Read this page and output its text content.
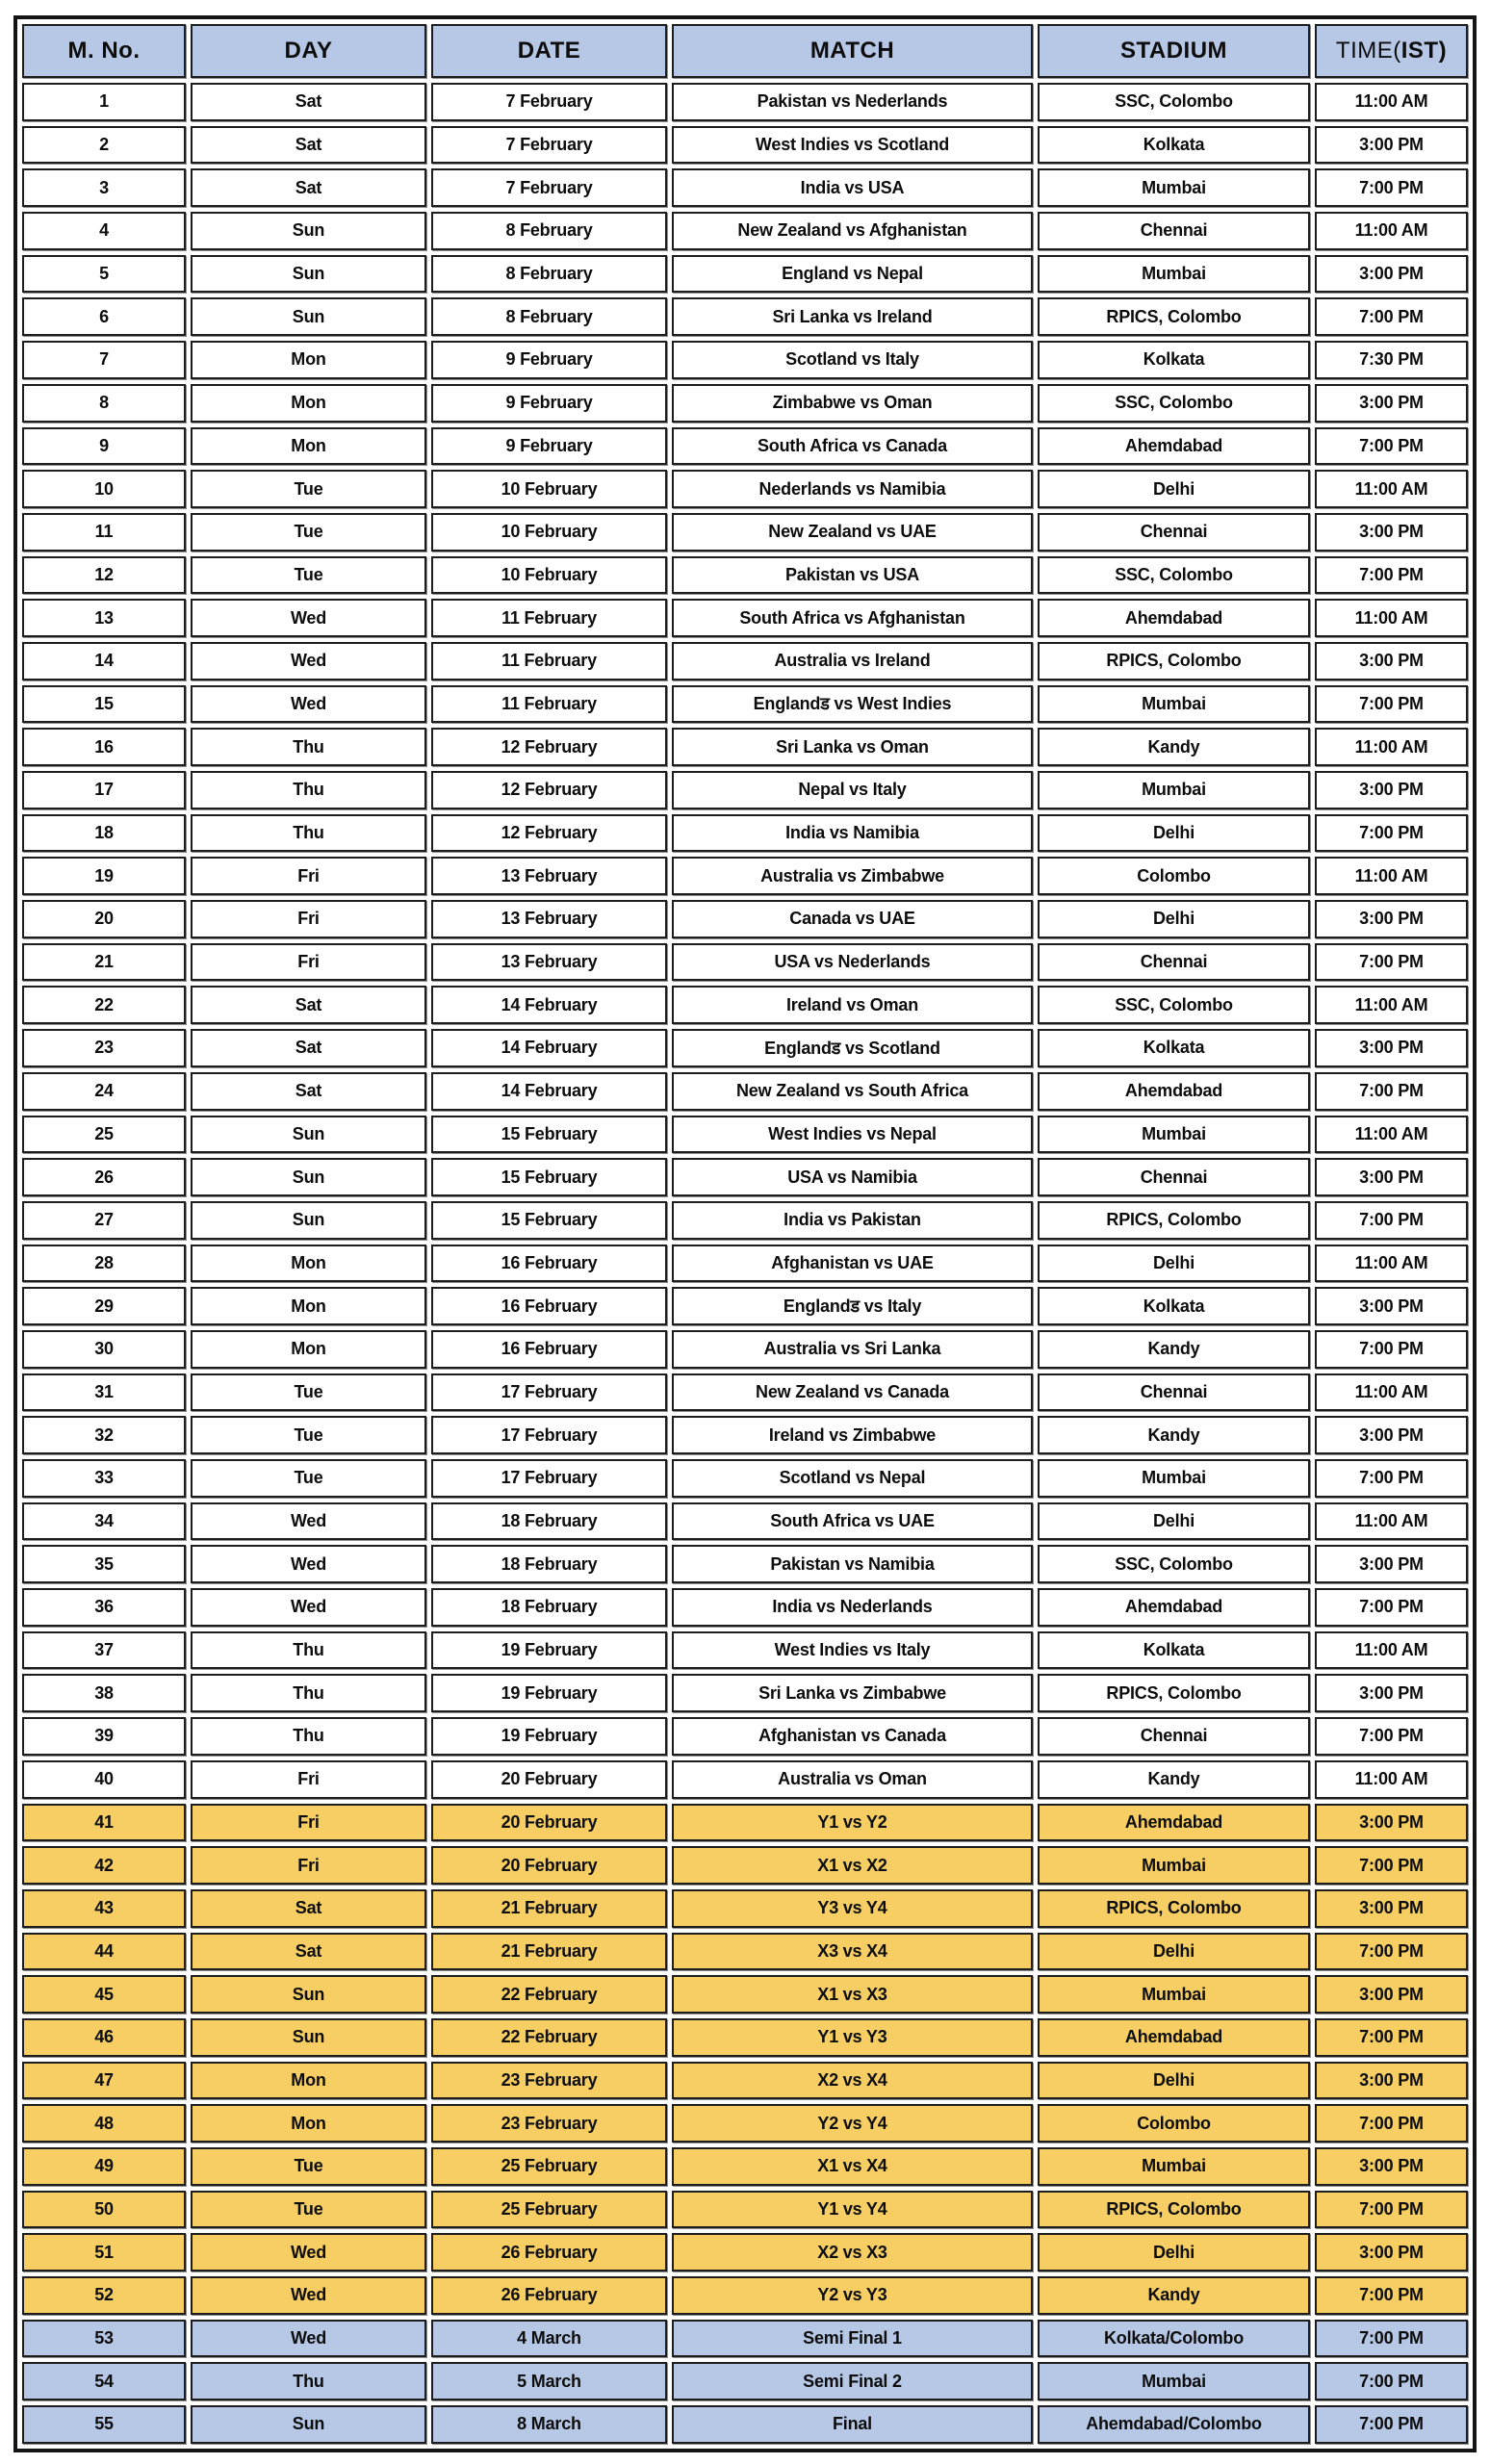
M. No.	DAY	DATE	MATCH	STADIUM	TIME(IST)
1	Sat	7 February	Pakistan vs Nederlands	SSC, Colombo	11:00 AM
2	Sat	7 February	West Indies vs Scotland	Kolkata	3:00 PM
3	Sat	7 February	India vs USA	Mumbai	7:00 PM
4	Sun	8 February	New Zealand vs Afghanistan	Chennai	11:00 AM
5	Sun	8 February	England vs Nepal	Mumbai	3:00 PM
6	Sun	8 February	Sri Lanka vs Ireland	RPICS, Colombo	7:00 PM
7	Mon	9 February	Scotland vs Italy	Kolkata	7:30 PM
8	Mon	9 February	Zimbabwe vs Oman	SSC, Colombo	3:00 PM
9	Mon	9 February	South Africa vs Canada	Ahemdabad	7:00 PM
10	Tue	10 February	Nederlands vs Namibia	Delhi	11:00 AM
11	Tue	10 February	New Zealand vs UAE	Chennai	3:00 PM
12	Tue	10 February	Pakistan vs USA	SSC, Colombo	7:00 PM
13	Wed	11 February	South Africa vs Afghanistan	Ahemdabad	11:00 AM
14	Wed	11 February	Australia vs Ireland	RPICS, Colombo	3:00 PM
15	Wed	11 February	Englandड vs West Indies	Mumbai	7:00 PM
16	Thu	12 February	Sri Lanka vs Oman	Kandy	11:00 AM
17	Thu	12 February	Nepal vs Italy	Mumbai	3:00 PM
18	Thu	12 February	India vs Namibia	Delhi	7:00 PM
19	Fri	13 February	Australia vs Zimbabwe	Colombo	11:00 AM
20	Fri	13 February	Canada vs UAE	Delhi	3:00 PM
21	Fri	13 February	USA vs Nederlands	Chennai	7:00 PM
22	Sat	14 February	Ireland vs Oman	SSC, Colombo	11:00 AM
23	Sat	14 February	Englandड vs Scotland	Kolkata	3:00 PM
24	Sat	14 February	New Zealand vs South Africa	Ahemdabad	7:00 PM
25	Sun	15 February	West Indies vs Nepal	Mumbai	11:00 AM
26	Sun	15 February	USA vs Namibia	Chennai	3:00 PM
27	Sun	15 February	India vs Pakistan	RPICS, Colombo	7:00 PM
28	Mon	16 February	Afghanistan vs UAE	Delhi	11:00 AM
29	Mon	16 February	Englandड vs Italy	Kolkata	3:00 PM
30	Mon	16 February	Australia vs Sri Lanka	Kandy	7:00 PM
31	Tue	17 February	New Zealand vs Canada	Chennai	11:00 AM
32	Tue	17 February	Ireland vs Zimbabwe	Kandy	3:00 PM
33	Tue	17 February	Scotland vs Nepal	Mumbai	7:00 PM
34	Wed	18 February	South Africa vs UAE	Delhi	11:00 AM
35	Wed	18 February	Pakistan vs Namibia	SSC, Colombo	3:00 PM
36	Wed	18 February	India vs Nederlands	Ahemdabad	7:00 PM
37	Thu	19 February	West Indies vs Italy	Kolkata	11:00 AM
38	Thu	19 February	Sri Lanka vs Zimbabwe	RPICS, Colombo	3:00 PM
39	Thu	19 February	Afghanistan vs Canada	Chennai	7:00 PM
40	Fri	20 February	Australia vs Oman	Kandy	11:00 AM
41	Fri	20 February	Y1 vs Y2	Ahemdabad	3:00 PM
42	Fri	20 February	X1 vs X2	Mumbai	7:00 PM
43	Sat	21 February	Y3 vs Y4	RPICS, Colombo	3:00 PM
44	Sat	21 February	X3 vs X4	Delhi	7:00 PM
45	Sun	22 February	X1 vs X3	Mumbai	3:00 PM
46	Sun	22 February	Y1 vs Y3	Ahemdabad	7:00 PM
47	Mon	23 February	X2 vs X4	Delhi	3:00 PM
48	Mon	23 February	Y2 vs Y4	Colombo	7:00 PM
49	Tue	25 February	X1 vs X4	Mumbai	3:00 PM
50	Tue	25 February	Y1 vs Y4	RPICS, Colombo	7:00 PM
51	Wed	26 February	X2 vs X3	Delhi	3:00 PM
52	Wed	26 February	Y2 vs Y3	Kandy	7:00 PM
53	Wed	4 March	Semi Final 1	Kolkata/Colombo	7:00 PM
54	Thu	5 March	Semi Final 2	Mumbai	7:00 PM
55	Sun	8 March	Final	Ahemdabad/Colombo	7:00 PM
